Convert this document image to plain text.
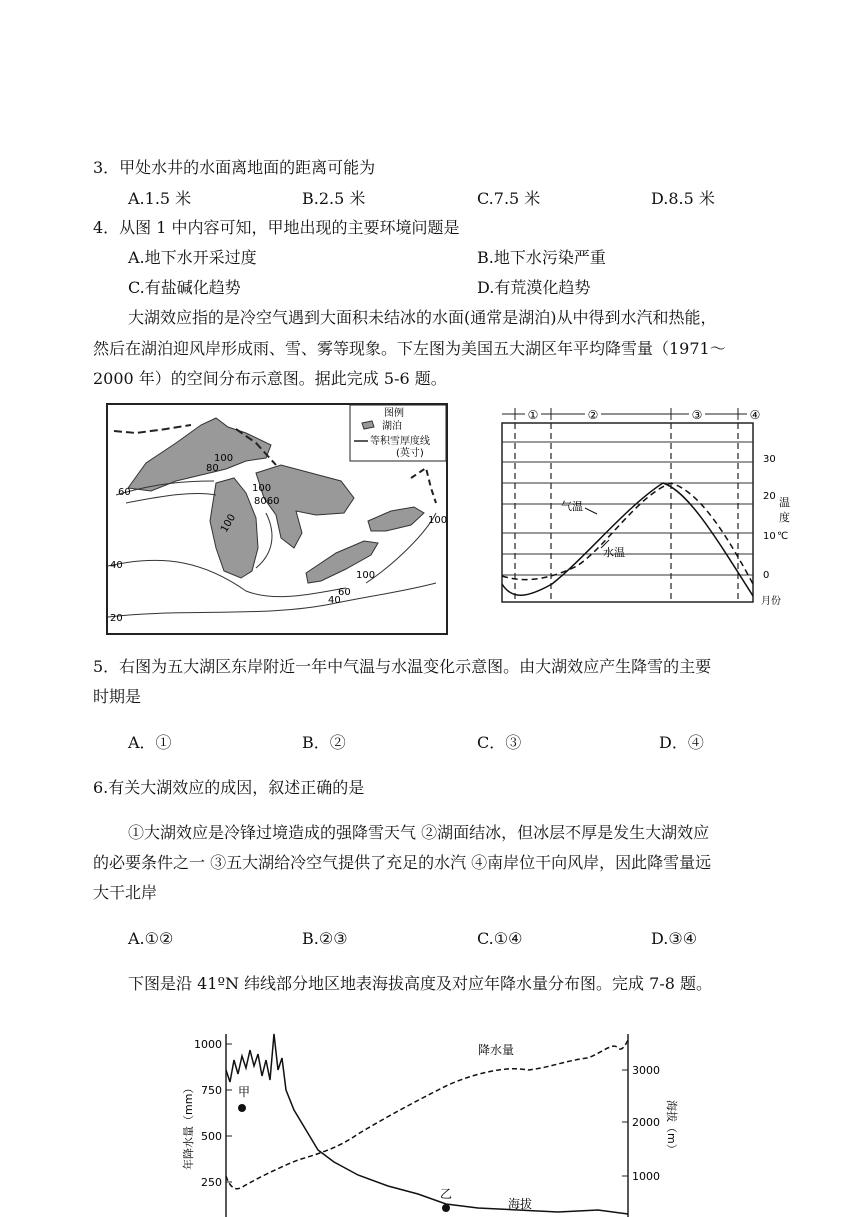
3．甲处水井的水面离地面的距离可能为
A.1.5 米	B.2.5 米	C.7.5 米	D.8.5 米
4．从图 1 中内容可知，甲地出现的主要环境问题是
A.地下水开采过度	B.地下水污染严重
C.有盐碱化趋势	D.有荒漠化趋势
大湖效应指的是冷空气遇到大面积未结冰的水面(通常是湖泊)从中得到水汽和热能，
然后在湖泊迎风岸形成雨、雪、雾等现象。下左图为美国五大湖区年平均降雪量（1971～
2000 年）的空间分布示意图。据此完成 5-6 题。
图例
湖泊
等积雪厚度线
(英寸)
60
100
80
100
8060
100
40
100
100
60
40
20
①	②	③	④
气温
水温
30
20
10
0
温
度
℃
月份
5．右图为五大湖区东岸附近一年中气温与水温变化示意图。由大湖效应产生降雪的主要
时期是
A．①	B．②	C．③	D．④
6.有关大湖效应的成因，叙述正确的是
①大湖效应是冷锋过境造成的强降雪天气 ②湖面结冰，但冰层不厚是发生大湖效应
的必要条件之一 ③五大湖给冷空气提供了充足的水汽 ④南岸位干向风岸，因此降雪量远
大干北岸
A.①②	B.②③	C.①④	D.③④
下图是沿 41ºN 纬线部分地区地表海拔高度及对应年降水量分布图。完成 7-8 题。
1000
750
500
250
3000
2000
1000
年降水量（mm）	海拔（m）
降水量
海拔
甲
乙
